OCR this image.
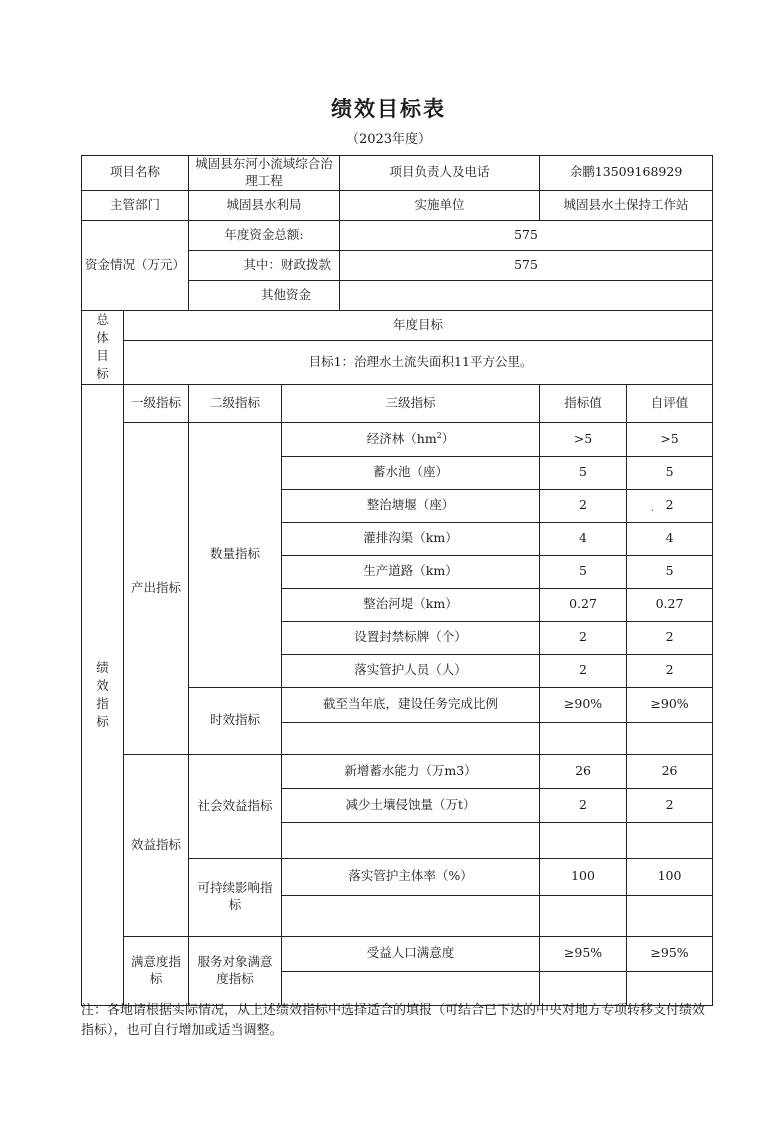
绩效目标表
（2023年度）
项目名称		城固县东河小流域综合治理工程		项目负责人及电话	余鹏13509168929	
主管部门		城固县水利局		实施单位	城固县水土保持工作站	
资金情况（万元）		年度资金总额:		575		
		其中：财政拨款		575		
		其他资金				
总体目标	年度目标					
	目标1：治理水土流失面积11平方公里。					
绩效指标	一级指标	二级指标	三级指标		指标值	自评值
	产出指标	数量指标	经济林$(hm^2)$		>5	>5
			蓄水池（座）		5	5
			整治塘堰（座）		2	2
			灌排沟渠（km）		4	4
			生产道路（km）		5	5
			整治河堤（km）		0.27	0.27
			设置封禁标牌（个）		2	2
			落实管护人员（人）		2	2
		时效指标	截至当年底，建设任务完成比例		≥90%	≥90%

	效益指标	社会效益指标	新增蓄水能力（万m3）		26	26
			减少土壤侵蚀量（万t）		2	2

		可持续影响指标	落实管护主体率（%）		100	100

	满意度指标	服务对象满意度指标	受益人口满意度		≥95%	≥95%

·
注：各地请根据实际情况，从上述绩效指标中选择适合的填报（可结合已下达的中央对地方专项转移支付绩效指标），也可自行增加或适当调整。
